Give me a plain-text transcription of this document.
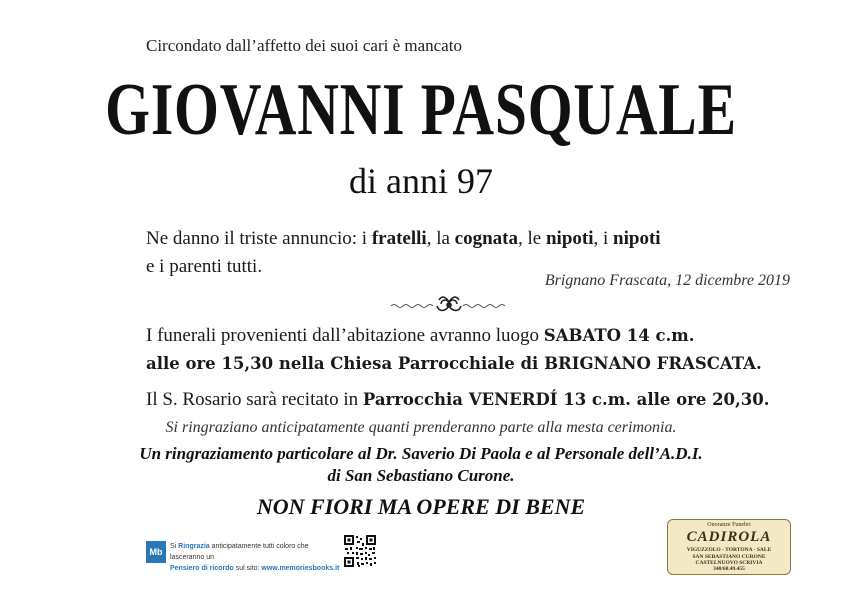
Circondato dall’affetto dei suoi cari è mancato
GIOVANNI PASQUALE
di anni 97
Ne danno il triste annuncio: i fratelli, la cognata, le nipoti, i nipoti
e i parenti tutti.
Brignano Frascata, 12 dicembre 2019
I funerali provenienti dall’abitazione avranno luogo SABATO 14 c.m.
alle ore 15,30 nella Chiesa Parrocchiale di BRIGNANO FRASCATA.
Il S. Rosario sarà recitato in Parrocchia VENERDÍ 13 c.m. alle ore 20,30.
Si ringraziano anticipatamente quanti prenderanno parte alla mesta cerimonia.
Un ringraziamento particolare al Dr. Saverio Di Paola e al Personale dell’A.D.I.
di San Sebastiano Curone.
NON FIORI MA OPERE DI BENE
Mb
Si Ringrazia anticipatamente tutti coloro che lasceranno un
Pensiero di ricordo sul sito: www.memoriesbooks.it
Onoranze Funebri
CADIROLA
VIGUZZOLO - TORTONA - SALE
SAN SEBASTIANO CURONE
CASTELNUOVO SCRIVIA
340/68.49.455
